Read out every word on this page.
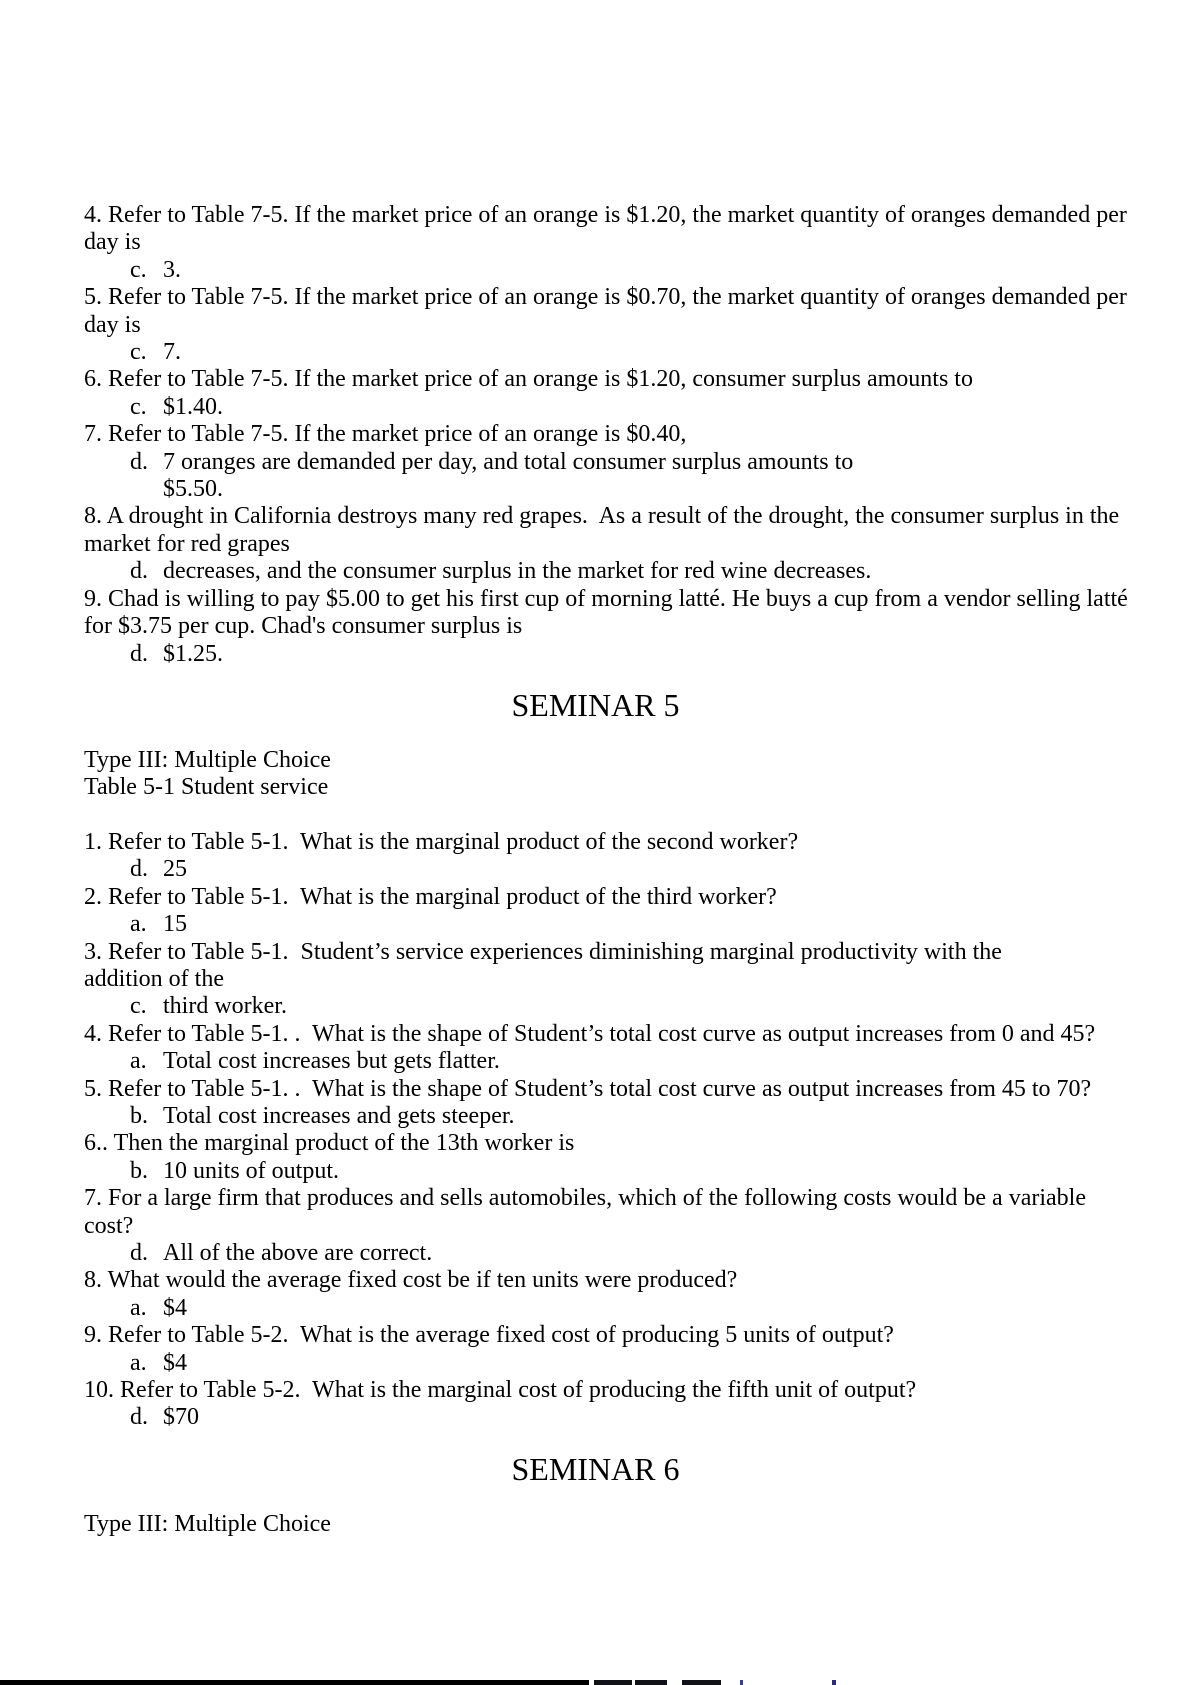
4. Refer to Table 7-5. If the market price of an orange is $1.20, the market quantity of oranges demanded per
day is
c. 3.
5. Refer to Table 7-5. If the market price of an orange is $0.70, the market quantity of oranges demanded per
day is
c. 7.
6. Refer to Table 7-5. If the market price of an orange is $1.20, consumer surplus amounts to
c. $1.40.
7. Refer to Table 7-5. If the market price of an orange is $0.40,
d. 7 oranges are demanded per day, and total consumer surplus amounts to
$5.50.
8. A drought in California destroys many red grapes.  As a result of the drought, the consumer surplus in the
market for red grapes
d. decreases, and the consumer surplus in the market for red wine decreases.
9. Chad is willing to pay $5.00 to get his first cup of morning latté. He buys a cup from a vendor selling latté
for $3.75 per cup. Chad's consumer surplus is
d. $1.25.
SEMINAR 5
Type III: Multiple Choice
Table 5-1 Student service

1. Refer to Table 5-1.  What is the marginal product of the second worker?
d. 25
2. Refer to Table 5-1.  What is the marginal product of the third worker?
a. 15
3. Refer to Table 5-1.  Student’s service experiences diminishing marginal productivity with the
addition of the
c. third worker.
4. Refer to Table 5-1. .  What is the shape of Student’s total cost curve as output increases from 0 and 45?
a. Total cost increases but gets flatter.
5. Refer to Table 5-1. .  What is the shape of Student’s total cost curve as output increases from 45 to 70?
b. Total cost increases and gets steeper.
6.. Then the marginal product of the 13th worker is
b. 10 units of output.
7. For a large firm that produces and sells automobiles, which of the following costs would be a variable
cost?
d. All of the above are correct.
8. What would the average fixed cost be if ten units were produced?
a. $4
9. Refer to Table 5-2.  What is the average fixed cost of producing 5 units of output?
a. $4
10. Refer to Table 5-2.  What is the marginal cost of producing the fifth unit of output?
d. $70
SEMINAR 6
Type III: Multiple Choice
